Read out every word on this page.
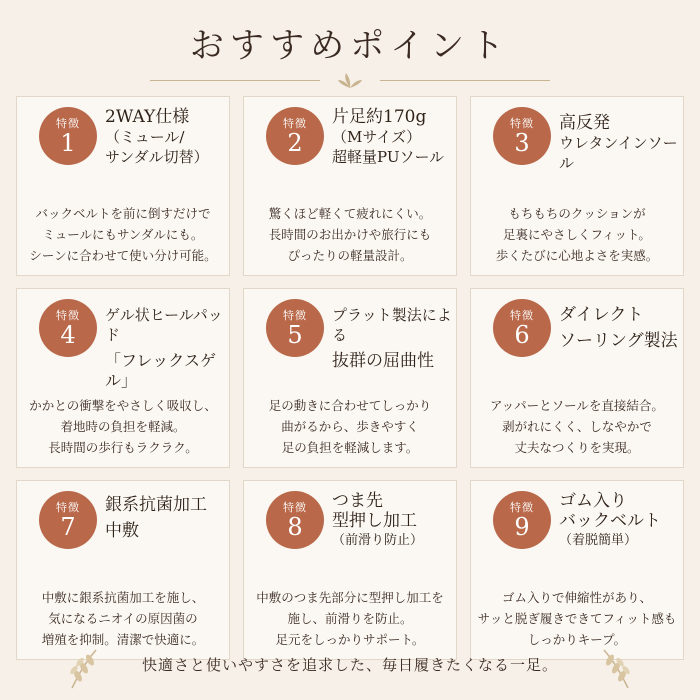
おすすめポイント
特徴
1
2WAY仕様
（ミュール/
サンダル切替）
バックベルトを前に倒すだけで
ミュールにもサンダルにも。
シーンに合わせて使い分け可能。
特徴
2
片足約170g
（Mサイズ）
超軽量PUソール
驚くほど軽くて疲れにくい。
長時間のお出かけや旅行にも
ぴったりの軽量設計。
特徴
3
高反発
ウレタンインソール
もちもちのクッションが
足裏にやさしくフィット。
歩くたびに心地よさを実感。
特徴
4
ゲル状ヒールパッド
「フレックスゲル」
かかとの衝撃をやさしく吸収し、
着地時の負担を軽減。
長時間の歩行もラクラク。
特徴
5
プラット製法による
抜群の屈曲性
足の動きに合わせてしっかり
曲がるから、歩きやすく
足の負担を軽減します。
特徴
6
ダイレクト
ソーリング製法
アッパーとソールを直接結合。
剥がれにくく、しなやかで
丈夫なつくりを実現。
特徴
7
銀系抗菌加工
中敷
中敷に銀系抗菌加工を施し、
気になるニオイの原因菌の
増殖を抑制。清潔で快適に。
特徴
8
つま先
型押し加工
（前滑り防止）
中敷のつま先部分に型押し加工を
施し、前滑りを防止。
足元をしっかりサポート。
特徴
9
ゴム入り
バックベルト
（着脱簡単）
ゴム入りで伸縮性があり、
サッと脱ぎ履きできてフィット感も
しっかりキープ。
快適さと使いやすさを追求した、毎日履きたくなる一足。
